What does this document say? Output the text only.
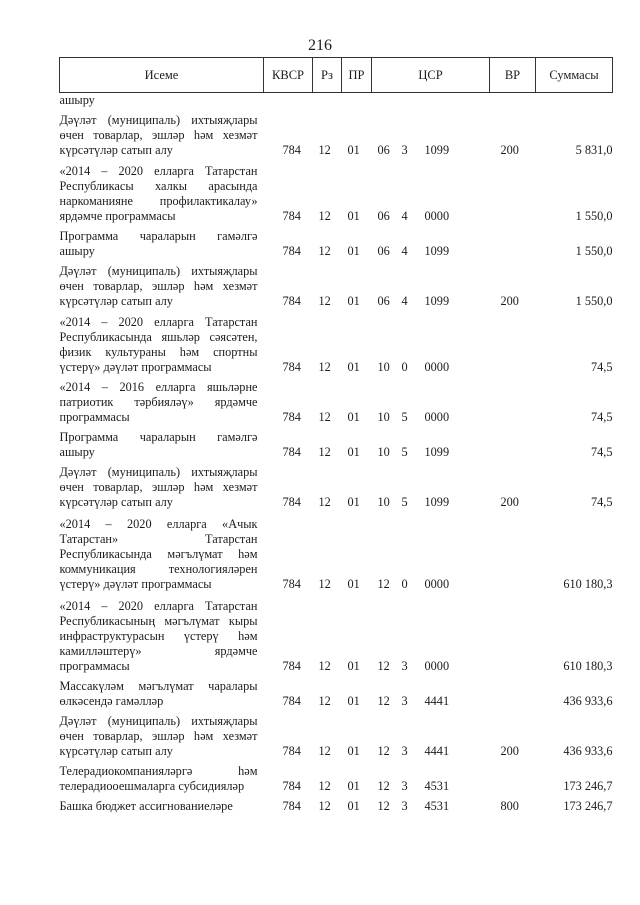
216
Исеме	КВСР	Рз	ПР	ЦСР	ВР	Суммасы
ашыру				

Дәүләт (муниципаль) ихтыяҗлары өчен товарлар, эшләр һәм хезмәт күрсәтүләр сатып алу	784	12	01	06 3 1099	200	5 831,0
«2014 – 2020 елларга Татарстан Республикасы халкы арасында наркоманияне профилактикалау» ярдәмче программасы	784	12	01	06 4 0000		1 550,0
Программа чараларын гамәлгә ашыру	784	12	01	06 4 1099		1 550,0
Дәүләт (муниципаль) ихтыяҗлары өчен товарлар, эшләр һәм хезмәт күрсәтүләр сатып алу	784	12	01	06 4 1099	200	1 550,0
«2014 – 2020 елларга Татарстан Республикасында яшьләр сәясәтен, физик культураны һәм спортны үстерү» дәүләт программасы	784	12	01	10 0 0000		74,5
«2014 – 2016 елларга яшьләрне патриотик тәрбияләү» ярдәмче программасы	784	12	01	10 5 0000		74,5
Программа чараларын гамәлгә ашыру	784	12	01	10 5 1099		74,5
Дәүләт (муниципаль) ихтыяҗлары өчен товарлар, эшләр һәм хезмәт күрсәтүләр сатып алу	784	12	01	10 5 1099	200	74,5
«2014 – 2020 елларга «Ачык Татарстан» Татарстан Республикасында мәгълүмат һәм коммуникация технологияләрен үстерү» дәүләт программасы	784	12	01	12 0 0000		610 180,3
«2014 – 2020 елларга Татарстан Республикасының мәгълүмат кыры инфраструктурасын үстерү һәм камилләштерү» ярдәмче программасы	784	12	01	12 3 0000		610 180,3
Массакүләм мәгълүмат чаралары өлкәсендә гамәлләр	784	12	01	12 3 4441		436 933,6
Дәүләт (муниципаль) ихтыяҗлары өчен товарлар, эшләр һәм хезмәт күрсәтүләр сатып алу	784	12	01	12 3 4441	200	436 933,6
Телерадиокомпанияләргә һәм телерадиооешмаларга субсидияләр	784	12	01	12 3 4531		173 246,7
Башка бюджет ассигнованиеләре	784	12	01	12 3 4531	800	173 246,7
